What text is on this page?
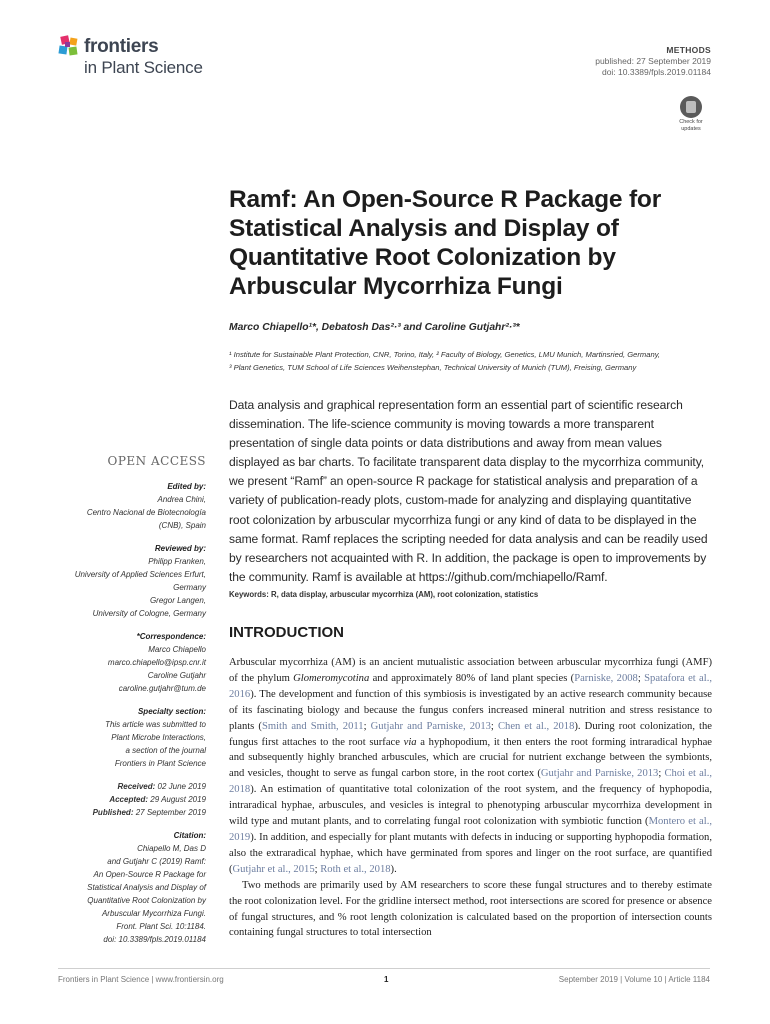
frontiers
in Plant Science
METHODS
published: 27 September 2019
doi: 10.3389/fpls.2019.01184
Check for
updates
Ramf: An Open-Source R Package for Statistical Analysis and Display of Quantitative Root Colonization by Arbuscular Mycorrhiza Fungi

Marco Chiapello¹*, Debatosh Das²·³ and Caroline Gutjahr²·³*

¹ Institute for Sustainable Plant Protection, CNR, Torino, Italy, ² Faculty of Biology, Genetics, LMU Munich, Martinsried, Germany,
³ Plant Genetics, TUM School of Life Sciences Weihenstephan, Technical University of Munich (TUM), Freising, Germany

Data analysis and graphical representation form an essential part of scientific research dissemination. The life-science community is moving towards a more transparent presentation of single data points or data distributions and away from mean values displayed as bar charts. To facilitate transparent data display to the mycorrhiza community, we present “Ramf” an open-source R package for statistical analysis and preparation of a variety of publication-ready plots, custom-made for analyzing and displaying quantitative root colonization by arbuscular mycorrhiza fungi or any kind of data to be displayed in the same format. Ramf replaces the scripting needed for data analysis and can be readily used by researchers not acquainted with R. In addition, the package is open to improvements by the community. Ramf is available at https://github.com/mchiapello/Ramf.

Keywords: R, data display, arbuscular mycorrhiza (AM), root colonization, statistics

OPEN ACCESS
Edited by:
Andrea Chini,
Centro Nacional de Biotecnología
(CNB), Spain
Reviewed by:
Philipp Franken,
University of Applied Sciences Erfurt,
Germany
Gregor Langen,
University of Cologne, Germany
*Correspondence:
Marco Chiapello
marco.chiapello@ipsp.cnr.it
Caroline Gutjahr
caroline.gutjahr@tum.de
Specialty section:
This article was submitted to
Plant Microbe Interactions,
a section of the journal
Frontiers in Plant Science
Received: 02 June 2019
Accepted: 29 August 2019
Published: 27 September 2019
Citation:
Chiapello M, Das D
and Gutjahr C (2019) Ramf:
An Open-Source R Package for
Statistical Analysis and Display of
Quantitative Root Colonization by
Arbuscular Mycorrhiza Fungi.
Front. Plant Sci. 10:1184.
doi: 10.3389/fpls.2019.01184
INTRODUCTION

Arbuscular mycorrhiza (AM) is an ancient mutualistic association between arbuscular mycorrhiza fungi (AMF) of the phylum Glomeromycotina and approximately 80% of land plant species (Parniske, 2008; Spatafora et al., 2016). The development and function of this symbiosis is investigated by an active research community because of its fascinating biology and because the fungus confers increased mineral nutrition and stress resistance to plants (Smith and Smith, 2011; Gutjahr and Parniske, 2013; Chen et al., 2018). During root colonization, the fungus first attaches to the root surface via a hyphopodium, it then enters the root forming intraradical hyphae and subsequently highly branched arbuscules, which are crucial for nutrient exchange between the symbionts, and vesicles, thought to serve as fungal carbon store, in the root cortex (Gutjahr and Parniske, 2013; Choi et al., 2018). An estimation of quantitative total colonization of the root system, and the frequency of hyphopodia, intraradical hyphae, arbuscules, and vesicles is integral to phenotyping arbuscular mycorrhiza development in wild type and mutant plants, and to correlating fungal root colonization with symbiotic function (Montero et al., 2019). In addition, and especially for plant mutants with defects in inducing or supporting hyphopodia formation, also the extraradical hyphae, which have germinated from spores and linger on the root surface, are quantified (Gutjahr et al., 2015; Roth et al., 2018).

Two methods are primarily used by AM researchers to score these fungal structures and to thereby estimate the root colonization level. For the gridline intersect method, root intersections are scored for presence or absence of fungal structures, and % root length colonization is calculated based on the proportion of intersection counts containing fungal structures to total intersection

Frontiers in Plant Science | www.frontiersin.org	1	September 2019 | Volume 10 | Article 1184
